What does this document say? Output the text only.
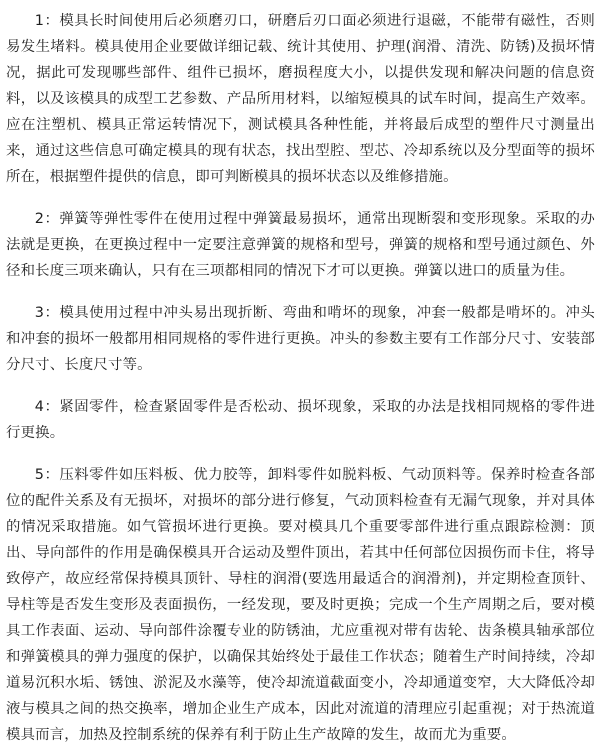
1：模具长时间使用后必须磨刃口，研磨后刃口面必须进行退磁，不能带有磁性，否则易发生堵料。模具使用企业要做详细记载、统计其使用、护理(润滑、清洗、防锈)及损坏情况，据此可发现哪些部件、组件已损坏，磨损程度大小，以提供发现和解决问题的信息资料，以及该模具的成型工艺参数、产品所用材料，以缩短模具的试车时间，提高生产效率。应在注塑机、模具正常运转情况下，测试模具各种性能，并将最后成型的塑件尺寸测量出来，通过这些信息可确定模具的现有状态，找出型腔、型芯、冷却系统以及分型面等的损坏所在，根据塑件提供的信息，即可判断模具的损坏状态以及维修措施。

2：弹簧等弹性零件在使用过程中弹簧最易损坏，通常出现断裂和变形现象。采取的办法就是更换，在更换过程中一定要注意弹簧的规格和型号，弹簧的规格和型号通过颜色、外径和长度三项来确认，只有在三项都相同的情况下才可以更换。弹簧以进口的质量为佳。

3：模具使用过程中冲头易出现折断、弯曲和啃坏的现象，冲套一般都是啃坏的。冲头和冲套的损坏一般都用相同规格的零件进行更换。冲头的参数主要有工作部分尺寸、安装部分尺寸、长度尺寸等。

4：紧固零件，检查紧固零件是否松动、损坏现象，采取的办法是找相同规格的零件进行更换。

5：压料零件如压料板、优力胶等，卸料零件如脱料板、气动顶料等。保养时检查各部位的配件关系及有无损坏，对损坏的部分进行修复，气动顶料检查有无漏气现象，并对具体的情况采取措施。如气管损坏进行更换。要对模具几个重要零部件进行重点跟踪检测：顶出、导向部件的作用是确保模具开合运动及塑件顶出，若其中任何部位因损伤而卡住，将导致停产，故应经常保持模具顶针、导柱的润滑(要选用最适合的润滑剂)，并定期检查顶针、导柱等是否发生变形及表面损伤，一经发现，要及时更换；完成一个生产周期之后，要对模具工作表面、运动、导向部件涂覆专业的防锈油，尤应重视对带有齿轮、齿条模具轴承部位和弹簧模具的弹力强度的保护，以确保其始终处于最佳工作状态；随着生产时间持续，冷却道易沉积水垢、锈蚀、淤泥及水藻等，使冷却流道截面变小，冷却通道变窄，大大降低冷却液与模具之间的热交换率，增加企业生产成本，因此对流道的清理应引起重视；对于热流道模具而言，加热及控制系统的保养有利于防止生产故障的发生，故而尤为重要。
